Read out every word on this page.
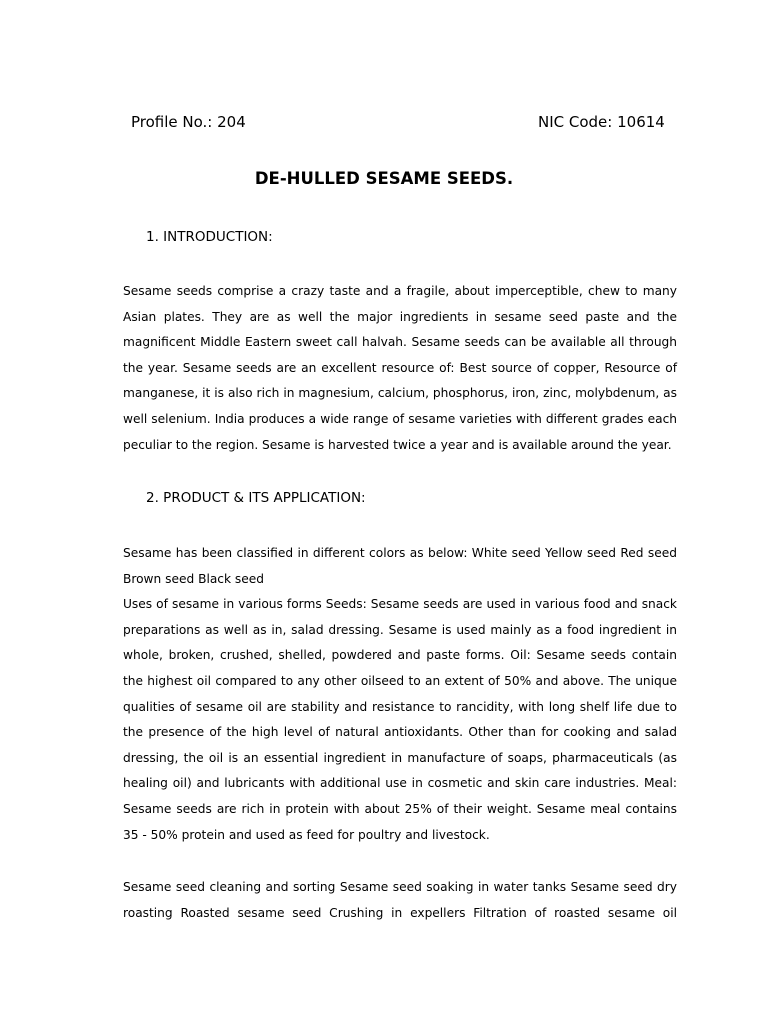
Profile No.: 204	NIC Code: 10614
DE-HULLED SESAME SEEDS.
1. INTRODUCTION:
Sesame seeds comprise a crazy taste and a fragile, about imperceptible, chew to many
Asian plates. They are as well the major ingredients in sesame seed paste and the
magnificent Middle Eastern sweet call halvah. Sesame seeds can be available all through
the year. Sesame seeds are an excellent resource of: Best source of copper, Resource of
manganese, it is also rich in magnesium, calcium, phosphorus, iron, zinc, molybdenum, as
well selenium. India produces a wide range of sesame varieties with different grades each
peculiar to the region. Sesame is harvested twice a year and is available around the year.
2. PRODUCT & ITS APPLICATION:
Sesame has been classified in different colors as below: White seed Yellow seed Red seed
Brown seed Black seed
Uses of sesame in various forms Seeds: Sesame seeds are used in various food and snack
preparations as well as in, salad dressing. Sesame is used mainly as a food ingredient in
whole, broken, crushed, shelled, powdered and paste forms. Oil: Sesame seeds contain
the highest oil compared to any other oilseed to an extent of 50% and above. The unique
qualities of sesame oil are stability and resistance to rancidity, with long shelf life due to
the presence of the high level of natural antioxidants. Other than for cooking and salad
dressing, the oil is an essential ingredient in manufacture of soaps, pharmaceuticals (as
healing oil) and lubricants with additional use in cosmetic and skin care industries. Meal:
Sesame seeds are rich in protein with about 25% of their weight. Sesame meal contains
35 - 50% protein and used as feed for poultry and livestock.
Sesame seed cleaning and sorting Sesame seed soaking in water tanks Sesame seed dry
roasting Roasted sesame seed Crushing in expellers Filtration of roasted sesame oil
